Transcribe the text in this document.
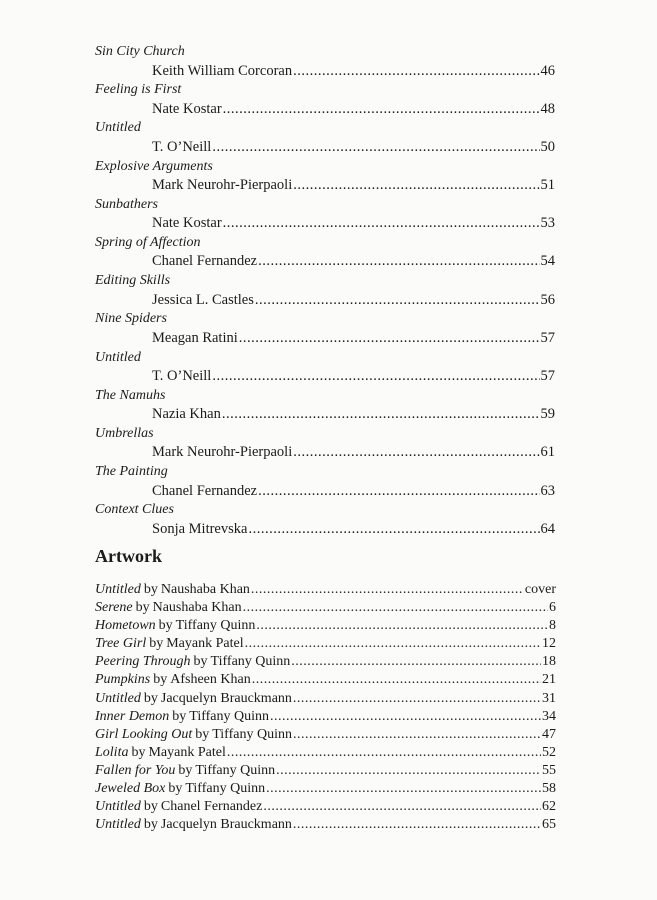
Sin City Church
Keith William Corcoran .....	46
Feeling is First
Nate Kostar .....	48
Untitled
T. O’Neill .....	50
Explosive Arguments
Mark Neurohr-Pierpaoli .....	51
Sunbathers
Nate Kostar .....	53
Spring of Affection
Chanel Fernandez .....	54
Editing Skills
Jessica L. Castles .....	56
Nine Spiders
Meagan Ratini .....	57
Untitled
T. O’Neill .....	57
The Namuhs
Nazia Khan .....	59
Umbrellas
Mark Neurohr-Pierpaoli .....	61
The Painting
Chanel Fernandez .....	63
Context Clues
Sonja Mitrevska .....	64
Artwork
Untitled by Naushaba Khan .....	cover
Serene by Naushaba Khan .....	6
Hometown by Tiffany Quinn .....	8
Tree Girl by Mayank Patel .....	12
Peering Through by Tiffany Quinn .....	18
Pumpkins by Afsheen Khan .....	21
Untitled by Jacquelyn Brauckmann .....	31
Inner Demon by Tiffany Quinn .....	34
Girl Looking Out by Tiffany Quinn .....	47
Lolita by Mayank Patel .....	52
Fallen for You by Tiffany Quinn .....	55
Jeweled Box by Tiffany Quinn .....	58
Untitled by Chanel Fernandez .....	62
Untitled by Jacquelyn Brauckmann .....	65
